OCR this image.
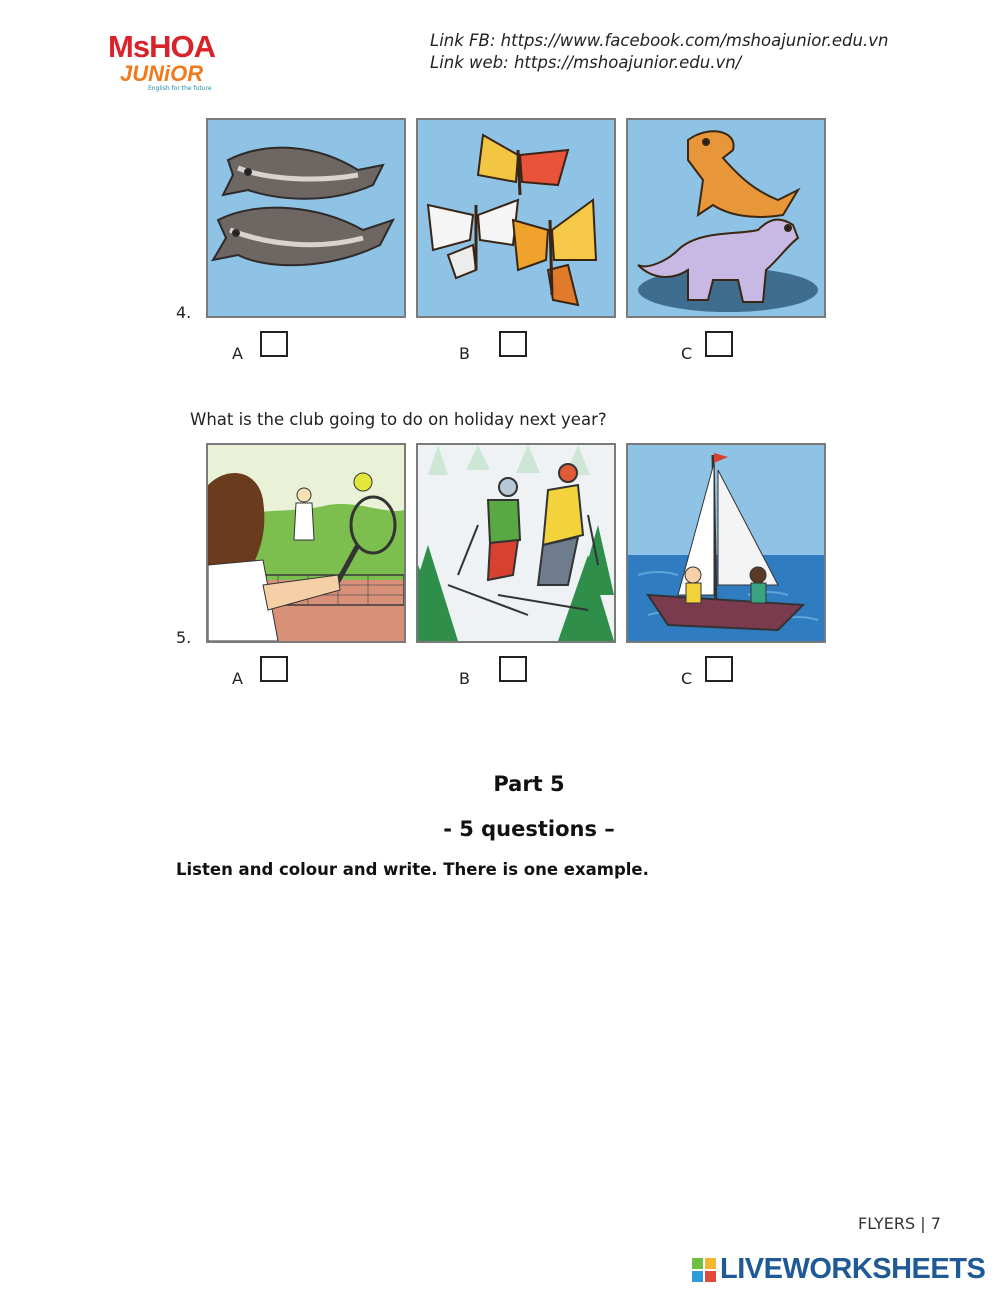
MsHOA
JUNiOR
English for the future
Link FB: https://www.facebook.com/mshoajunior.edu.vn
Link web: https://mshoajunior.edu.vn/
4.
A	B	C
What is the club going to do on holiday next year?
5.
A	B	C
Part 5
- 5 questions –
Listen and colour and write. There is one example.
FLYERS | 7
LIVEWORKSHEETS
